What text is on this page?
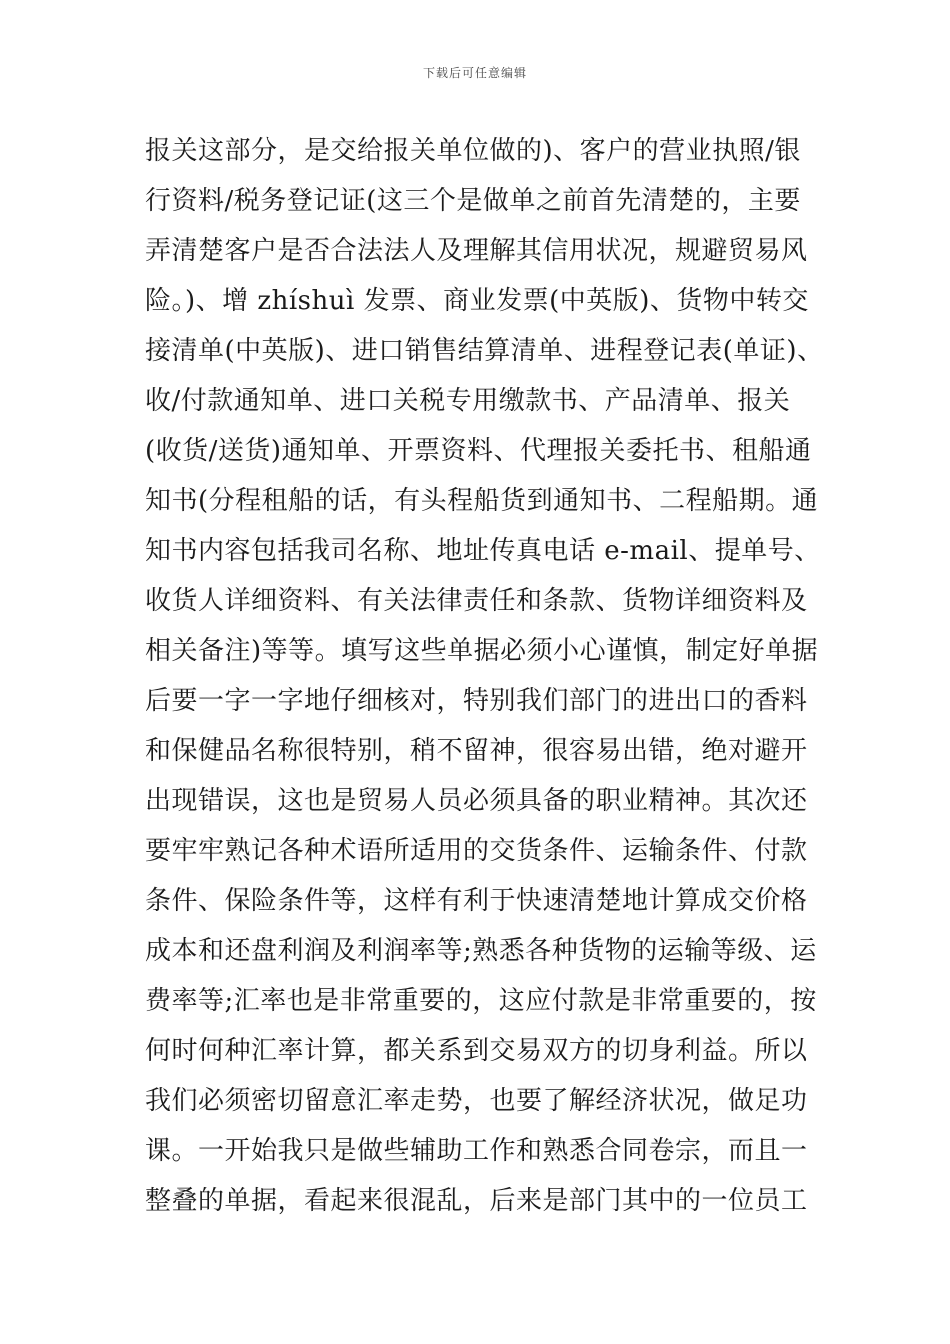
下载后可任意编辑
报关这部分，是交给报关单位做的)、客户的营业执照/银
行资料/税务登记证(这三个是做单之前首先清楚的，主要
弄清楚客户是否合法法人及理解其信用状况，规避贸易风
险。)、增 zhíshuì 发票、商业发票(中英版)、货物中转交
接清单(中英版)、进口销售结算清单、进程登记表(单证)、
收/付款通知单、进口关税专用缴款书、产品清单、报关
(收货/送货)通知单、开票资料、代理报关委托书、租船通
知书(分程租船的话，有头程船货到通知书、二程船期。通
知书内容包括我司名称、地址传真电话 e-mail、提单号、
收货人详细资料、有关法律责任和条款、货物详细资料及
相关备注)等等。填写这些单据必须小心谨慎，制定好单据
后要一字一字地仔细核对，特别我们部门的进出口的香料
和保健品名称很特别，稍不留神，很容易出错，绝对避开
出现错误，这也是贸易人员必须具备的职业精神。其次还
要牢牢熟记各种术语所适用的交货条件、运输条件、付款
条件、保险条件等，这样有利于快速清楚地计算成交价格
成本和还盘利润及利润率等;熟悉各种货物的运输等级、运
费率等;汇率也是非常重要的，这应付款是非常重要的，按
何时何种汇率计算，都关系到交易双方的切身利益。所以
我们必须密切留意汇率走势，也要了解经济状况，做足功
课。一开始我只是做些辅助工作和熟悉合同卷宗，而且一
整叠的单据，看起来很混乱，后来是部门其中的一位员工
